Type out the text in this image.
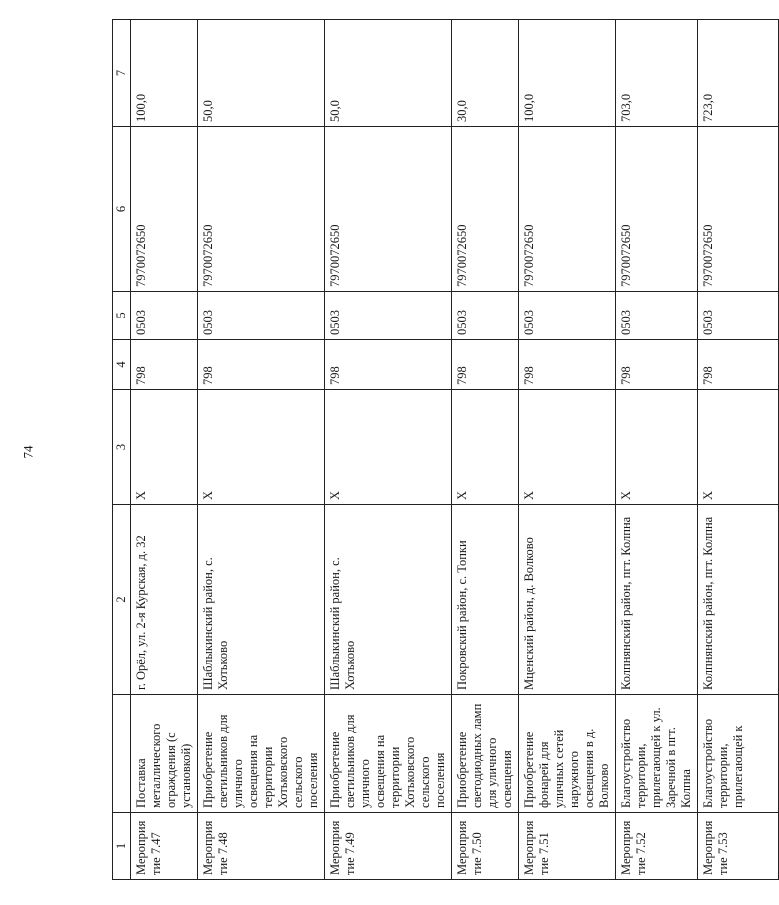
74
1		2	3	4	5	6	7
Мероприятие 7.47	Поставка металлического ограждения (с установкой)	г. Орёл, ул. 2-я Курская, д. 32	Х	798	0503	7970072650	100,0
Мероприятие 7.48	Приобретение светильников для уличного освещения на территории Хотьковского сельского поселения	Шаблыкинский район, с. Хотьково	Х	798	0503	7970072650	50,0
Мероприятие 7.49	Приобретение светильников для уличного освещения на территории Хотьковского сельского поселения	Шаблыкинский район, с. Хотьково	Х	798	0503	7970072650	50,0
Мероприятие 7.50	Приобретение светодиодных ламп для уличного освещения	Покровский район, с. Топки	Х	798	0503	7970072650	30,0
Мероприятие 7.51	Приобретение фонарей для уличных сетей наружного освещения в д. Волково	Мценский район, д. Волково	Х	798	0503	7970072650	100,0
Мероприятие 7.52	Благоустройство территории, прилегающей к ул. Заречной в пгт. Колпна	Колпнянский район, пгт. Колпна	Х	798	0503	7970072650	703,0
Мероприятие 7.53	Благоустройство территории, прилегающей к	Колпнянский район, пгт. Колпна	Х	798	0503	7970072650	723,0
